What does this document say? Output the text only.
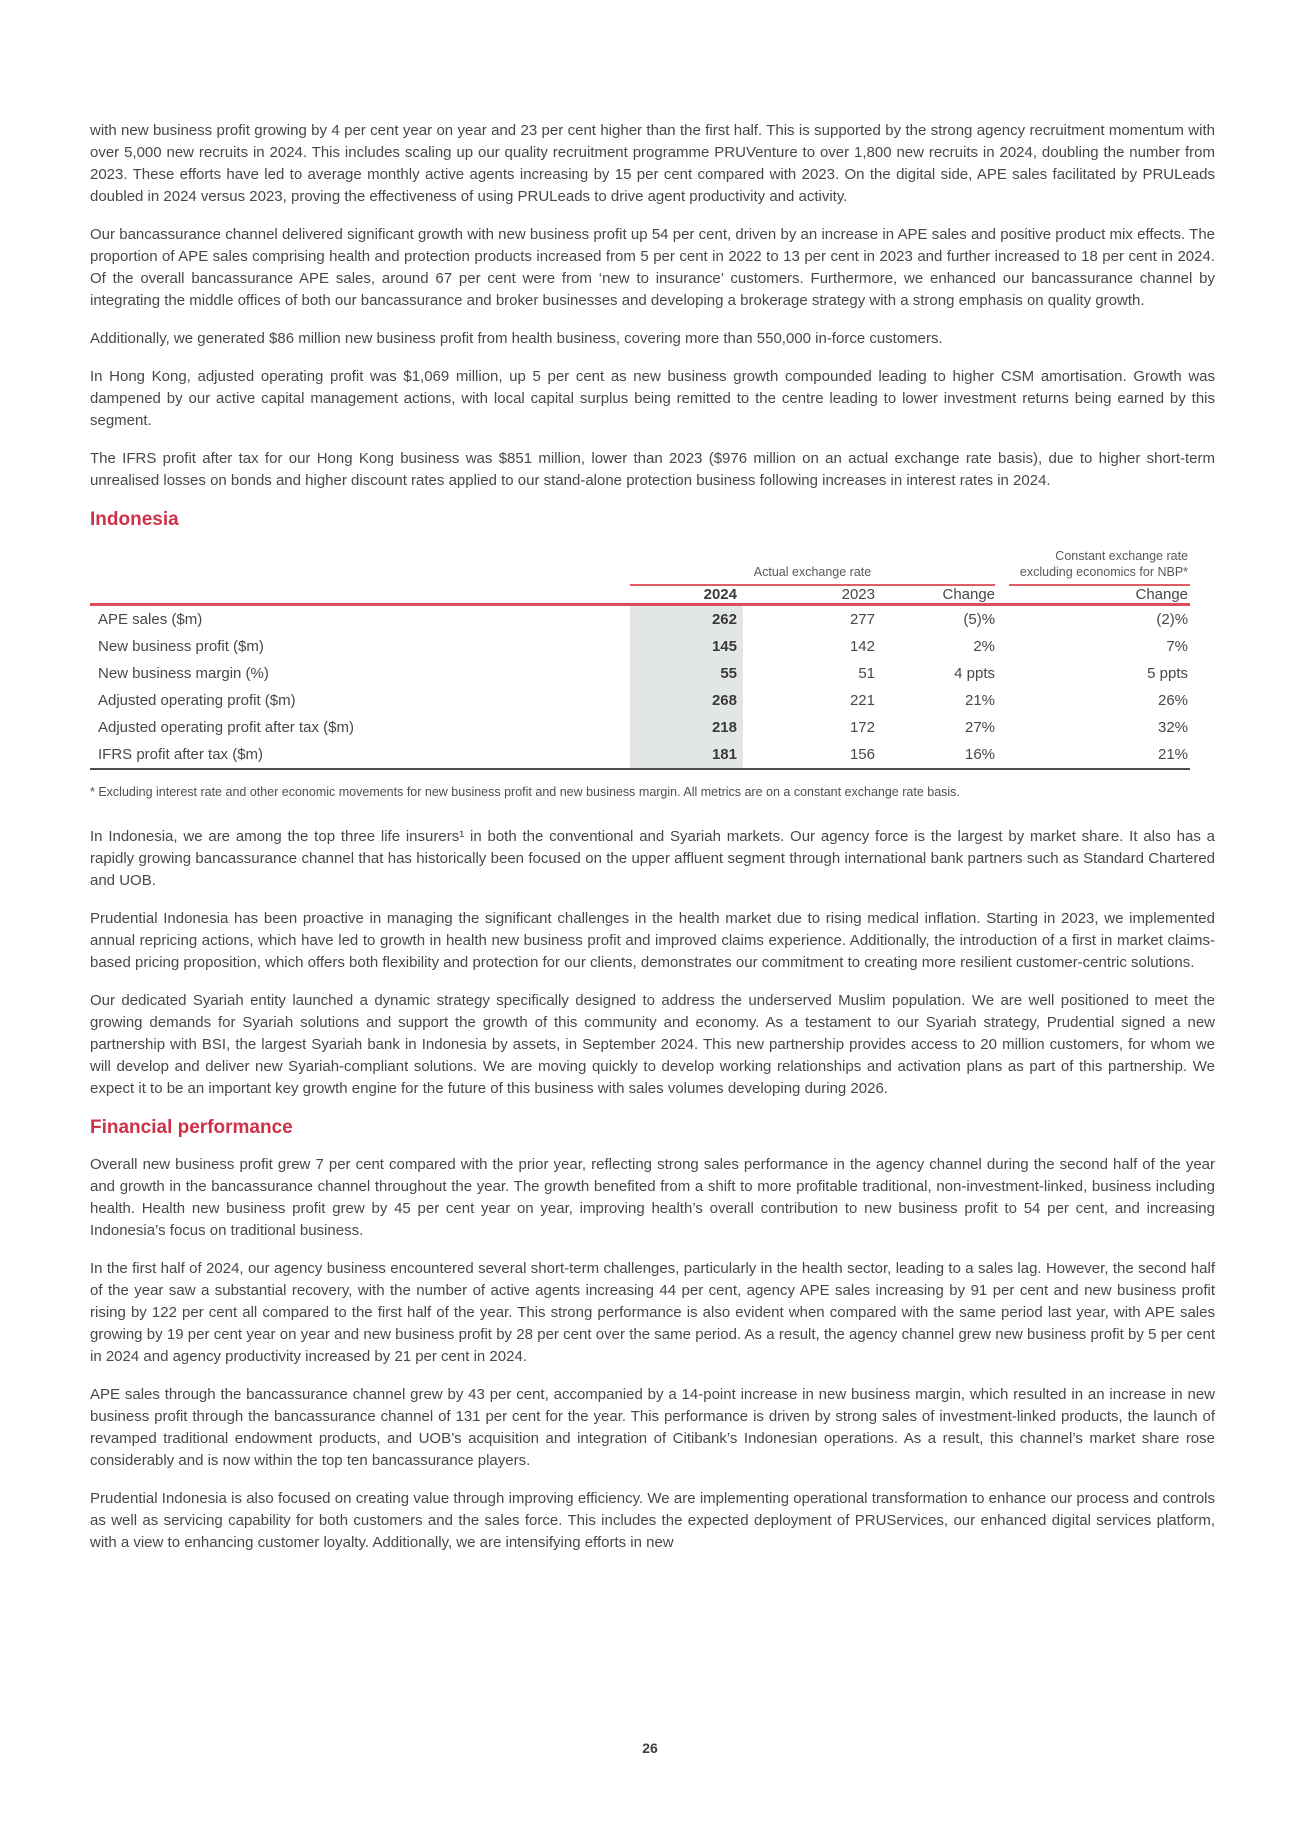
with new business profit growing by 4 per cent year on year and 23 per cent higher than the first half. This is supported by the strong agency recruitment momentum with over 5,000 new recruits in 2024. This includes scaling up our quality recruitment programme PRUVenture to over 1,800 new recruits in 2024, doubling the number from 2023. These efforts have led to average monthly active agents increasing by 15 per cent compared with 2023. On the digital side, APE sales facilitated by PRULeads doubled in 2024 versus 2023, proving the effectiveness of using PRULeads to drive agent productivity and activity.

Our bancassurance channel delivered significant growth with new business profit up 54 per cent, driven by an increase in APE sales and positive product mix effects. The proportion of APE sales comprising health and protection products increased from 5 per cent in 2022 to 13 per cent in 2023 and further increased to 18 per cent in 2024. Of the overall bancassurance APE sales, around 67 per cent were from ‘new to insurance’ customers. Furthermore, we enhanced our bancassurance channel by integrating the middle offices of both our bancassurance and broker businesses and developing a brokerage strategy with a strong emphasis on quality growth.

Additionally, we generated $86 million new business profit from health business, covering more than 550,000 in-force customers.

In Hong Kong, adjusted operating profit was $1,069 million, up 5 per cent as new business growth compounded leading to higher CSM amortisation. Growth was dampened by our active capital management actions, with local capital surplus being remitted to the centre leading to lower investment returns being earned by this segment.

The IFRS profit after tax for our Hong Kong business was $851 million, lower than 2023 ($976 million on an actual exchange rate basis), due to higher short-term unrealised losses on bonds and higher discount rates applied to our stand-alone protection business following increases in interest rates in 2024.

Indonesia

	Actual exchange rate			Constant exchange rate
excluding economics for NBP*

	2024	2023	Change	Change
APE sales ($m)	262	277	(5)%	(2)%
New business profit ($m)	145	142	2%	7%
New business margin (%)	55	51	4 ppts	5 ppts
Adjusted operating profit ($m)	268	221	21%	26%
Adjusted operating profit after tax ($m)	218	172	27%	32%
IFRS profit after tax ($m)	181	156	16%	21%
* Excluding interest rate and other economic movements for new business profit and new business margin. All metrics are on a constant exchange rate basis.

In Indonesia, we are among the top three life insurers¹ in both the conventional and Syariah markets. Our agency force is the largest by market share. It also has a rapidly growing bancassurance channel that has historically been focused on the upper affluent segment through international bank partners such as Standard Chartered and UOB.

Prudential Indonesia has been proactive in managing the significant challenges in the health market due to rising medical inflation. Starting in 2023, we implemented annual repricing actions, which have led to growth in health new business profit and improved claims experience. Additionally, the introduction of a first in market claims-based pricing proposition, which offers both flexibility and protection for our clients, demonstrates our commitment to creating more resilient customer-centric solutions.

Our dedicated Syariah entity launched a dynamic strategy specifically designed to address the underserved Muslim population. We are well positioned to meet the growing demands for Syariah solutions and support the growth of this community and economy. As a testament to our Syariah strategy, Prudential signed a new partnership with BSI, the largest Syariah bank in Indonesia by assets, in September 2024. This new partnership provides access to 20 million customers, for whom we will develop and deliver new Syariah-compliant solutions. We are moving quickly to develop working relationships and activation plans as part of this partnership. We expect it to be an important key growth engine for the future of this business with sales volumes developing during 2026.

Financial performance

Overall new business profit grew 7 per cent compared with the prior year, reflecting strong sales performance in the agency channel during the second half of the year and growth in the bancassurance channel throughout the year. The growth benefited from a shift to more profitable traditional, non-investment-linked, business including health. Health new business profit grew by 45 per cent year on year, improving health’s overall contribution to new business profit to 54 per cent, and increasing Indonesia’s focus on traditional business.

In the first half of 2024, our agency business encountered several short-term challenges, particularly in the health sector, leading to a sales lag. However, the second half of the year saw a substantial recovery, with the number of active agents increasing 44 per cent, agency APE sales increasing by 91 per cent and new business profit rising by 122 per cent all compared to the first half of the year. This strong performance is also evident when compared with the same period last year, with APE sales growing by 19 per cent year on year and new business profit by 28 per cent over the same period. As a result, the agency channel grew new business profit by 5 per cent in 2024 and agency productivity increased by 21 per cent in 2024.

APE sales through the bancassurance channel grew by 43 per cent, accompanied by a 14-point increase in new business margin, which resulted in an increase in new business profit through the bancassurance channel of 131 per cent for the year. This performance is driven by strong sales of investment-linked products, the launch of revamped traditional endowment products, and UOB’s acquisition and integration of Citibank’s Indonesian operations. As a result, this channel’s market share rose considerably and is now within the top ten bancassurance players.

Prudential Indonesia is also focused on creating value through improving efficiency. We are implementing operational transformation to enhance our process and controls as well as servicing capability for both customers and the sales force. This includes the expected deployment of PRUServices, our enhanced digital services platform, with a view to enhancing customer loyalty. Additionally, we are intensifying efforts in new

26
